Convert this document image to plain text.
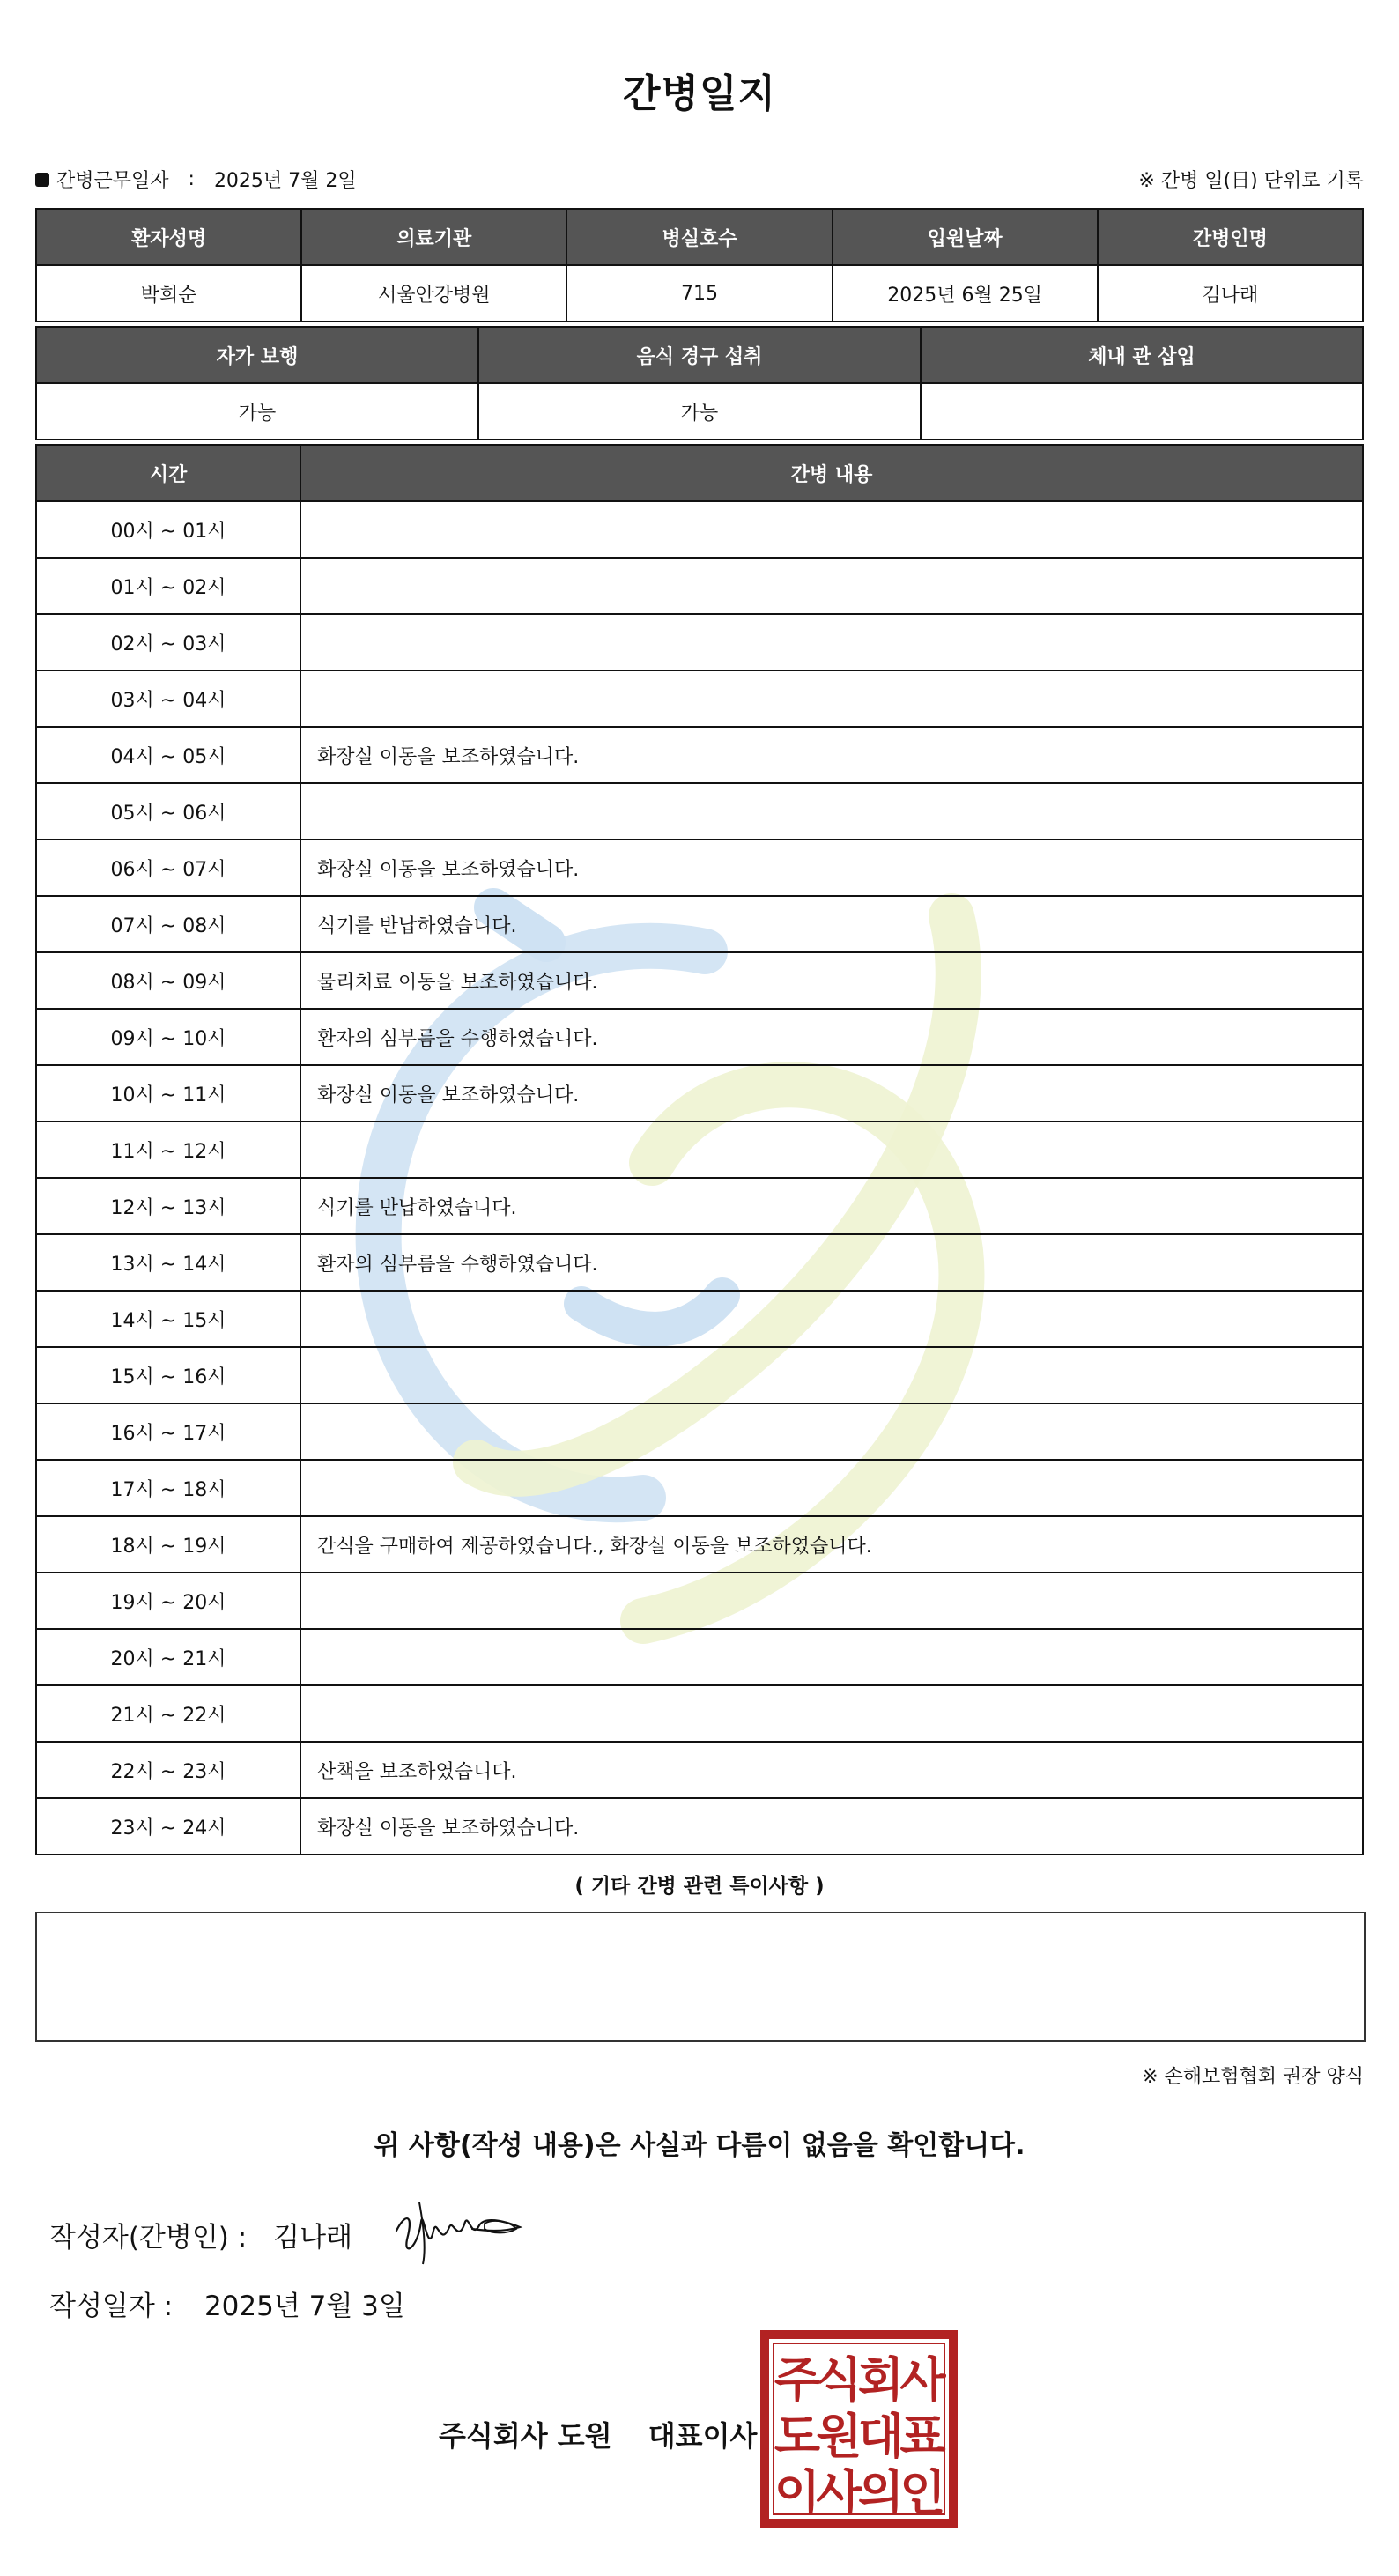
간병일지
간병근무일자 : 2025년 7월 2일	※ 간병 일(日) 단위로 기록
환자성명	의료기관	병실호수	입원날짜	간병인명
박희순	서울안강병원	715	2025년 6월 25일	김나래
자가 보행	음식 경구 섭취	체내 관 삽입
가능	가능	
시간	간병 내용
00시 ~ 01시	
01시 ~ 02시	
02시 ~ 03시	
03시 ~ 04시	
04시 ~ 05시	화장실 이동을 보조하였습니다.
05시 ~ 06시	
06시 ~ 07시	화장실 이동을 보조하였습니다.
07시 ~ 08시	식기를 반납하였습니다.
08시 ~ 09시	물리치료 이동을 보조하였습니다.
09시 ~ 10시	환자의 심부름을 수행하였습니다.
10시 ~ 11시	화장실 이동을 보조하였습니다.
11시 ~ 12시	
12시 ~ 13시	식기를 반납하였습니다.
13시 ~ 14시	환자의 심부름을 수행하였습니다.
14시 ~ 15시	
15시 ~ 16시	
16시 ~ 17시	
17시 ~ 18시	
18시 ~ 19시	간식을 구매하여 제공하였습니다., 화장실 이동을 보조하였습니다.
19시 ~ 20시	
20시 ~ 21시	
21시 ~ 22시	
22시 ~ 23시	산책을 보조하였습니다.
23시 ~ 24시	화장실 이동을 보조하였습니다.
( 기타 간병 관련 특이사항 )
※ 손해보험협회 권장 양식
위 사항(작성 내용)은 사실과 다름이 없음을 확인합니다.
작성자(간병인) : 김나래
작성일자 : 2025년 7월 3일
주식회사 도원 대표이사
주
식
회
사
도
원
대
표
이
사
의
인
